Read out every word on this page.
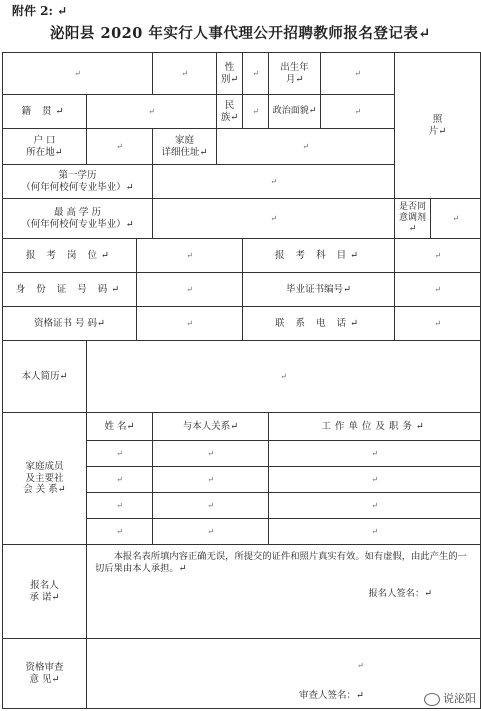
附件 2: ↵
泌阳县 2020 年实行人事代理公开招聘教师报名登记表↵
↵			↵	性
别↵	↵	出生年
月↵	↵	照
片↵	
籍 贯↵	↵			民 族↵	↵	政治面貌↵	↵		
户 口
所在地↵	↵		家庭
详细住址↵	↵					
第一学历
（何年何校何专业毕业）↵			↵						
最 高 学 历
（何年何校何专业毕业）↵			↵					是否同
意调剂↵	↵
报 考 岗 位↵		↵			报 考 科 目↵			↵	
身 份 证 号 码↵		↵			毕业证书编号↵			↵	
资格证书 号 码↵		↵			联 系 电 话↵			↵	
本人简历↵	↵								
家庭成员
及主要社
会 关 系↵	姓 名↵		与本人关系↵			工作单位及职务↵			
	↵		↵			↵			
	↵		↵			↵			
	↵		↵			↵			
	↵		↵			↵			
报名人
承 诺↵	本报名表所填内容正确无误，所提交的证件和照片真实有效。如有虚假，由此产生的一切后果由本人承担。↵
报名人签名：↵								

资格审查
意 见↵	↵
审查人签名：↵ 说泌阳								
